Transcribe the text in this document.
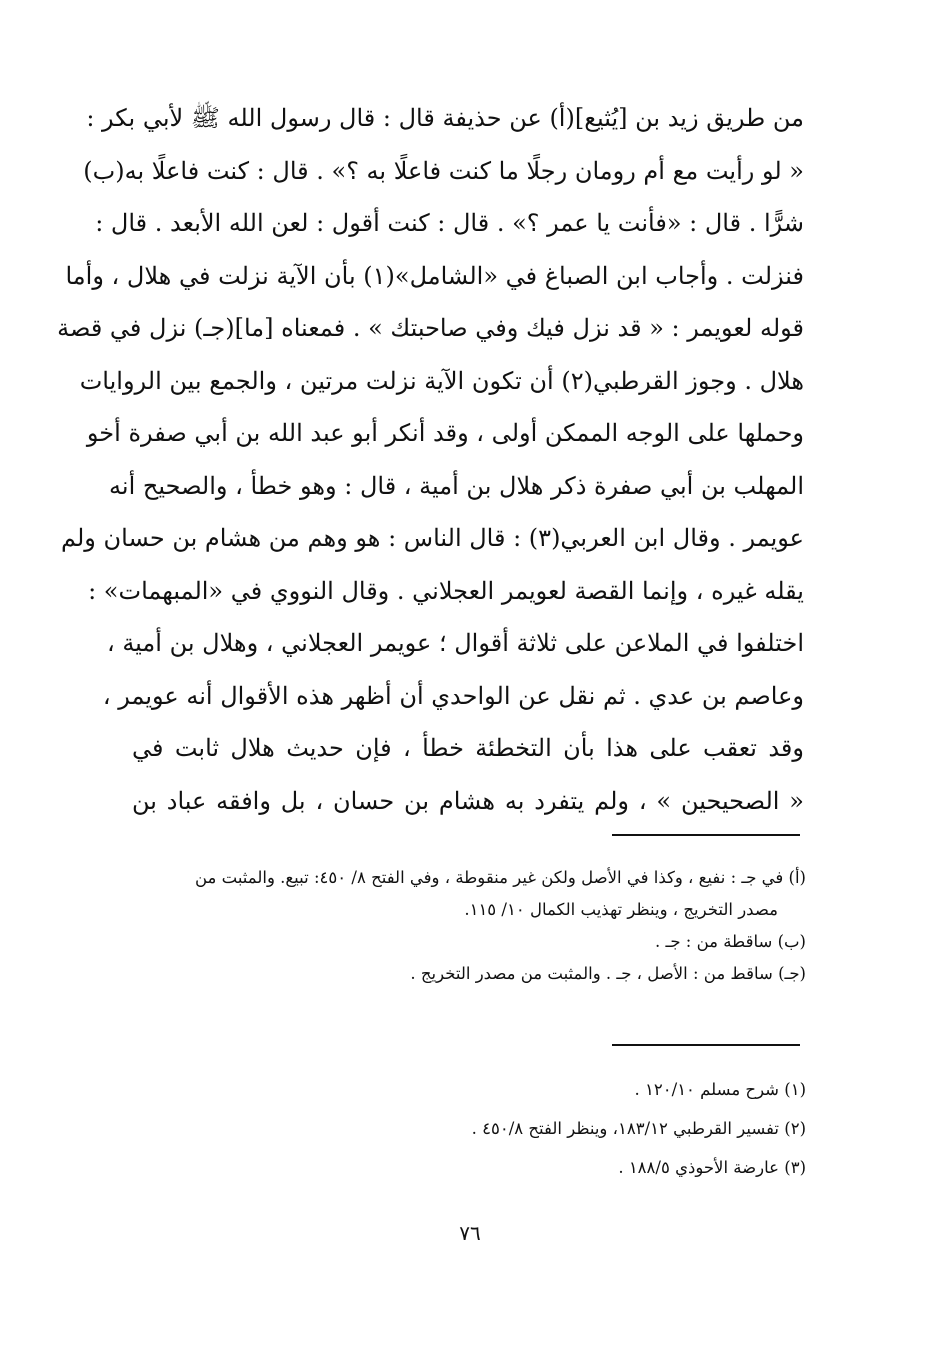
من طريق زيد بن [يُثيع](أ) عن حذيفة قال : قال رسول الله ﷺ لأبي بكر :
« لو رأيت مع أم رومان رجلًا ما كنت فاعلًا به ؟» . قال : كنت فاعلًا به(ب)
شرًّا . قال : «فأنت يا عمر ؟» . قال : كنت أقول : لعن الله الأبعد . قال :
فنزلت . وأجاب ابن الصباغ في «الشامل»(١) بأن الآية نزلت في هلال ، وأما
قوله لعويمر : « قد نزل فيك وفي صاحبتك » . فمعناه [ما](جـ) نزل في قصة
هلال . وجوز القرطبي(٢) أن تكون الآية نزلت مرتين ، والجمع بين الروايات
وحملها على الوجه الممكن أولى ، وقد أنكر أبو عبد الله بن أبي صفرة أخو
المهلب بن أبي صفرة ذكر هلال بن أمية ، قال : وهو خطأ ، والصحيح أنه
عويمر . وقال ابن العربي(٣) : قال الناس : هو وهم من هشام بن حسان ولم
يقله غيره ، وإنما القصة لعويمر العجلاني . وقال النووي في «المبهمات» :
اختلفوا في الملاعن على ثلاثة أقوال ؛ عويمر العجلاني ، وهلال بن أمية ،
وعاصم بن عدي . ثم نقل عن الواحدي أن أظهر هذه الأقوال أنه عويمر ،
وقد تعقب على هذا بأن التخطئة خطأ ، فإن حديث هلال ثابت في
« الصحيحين » ، ولم يتفرد به هشام بن حسان ، بل وافقه عباد بن
(أ) في جـ : نفيع ، وكذا في الأصل ولكن غير منقوطة ، وفي الفتح ٨/ ٤٥٠: تبيع. والمثبت من
مصدر التخريج ، وينظر تهذيب الكمال ١٠/ ١١٥.
(ب) ساقطة من : جـ .
(جـ) ساقط من : الأصل ، جـ . والمثبت من مصدر التخريج .
(١) شرح مسلم ١٢٠/١٠ .
(٢) تفسير القرطبي ١٨٣/١٢، وينظر الفتح ٤٥٠/٨ .
(٣) عارضة الأحوذي ١٨٨/٥ .
٧٦
